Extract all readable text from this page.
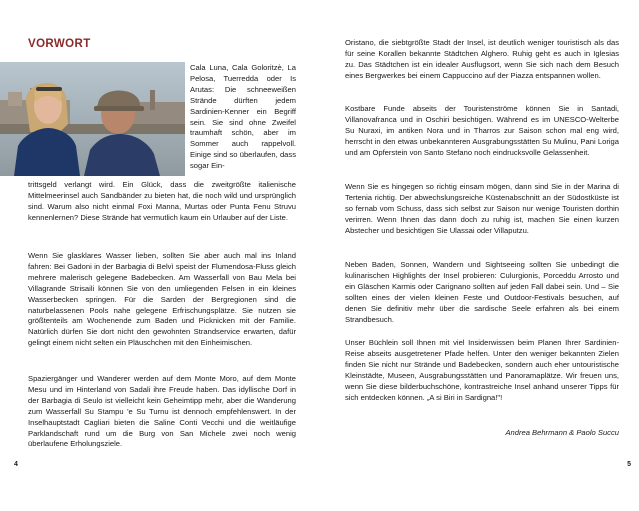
VORWORT

Cala Luna, Cala Goloritzè, La Pelosa, Tuerredda oder Is Arutas: Die schneeweißen Strände dürften jedem Sardinien-Kenner ein Begriff sein. Sie sind ohne Zweifel traumhaft schön, aber im Sommer auch rappelvoll. Einige sind so überlaufen, dass sogar Ein-

trittsgeld verlangt wird. Ein Glück, dass die zweitgrößte italienische Mittelmeerinsel auch Sandbänder zu bieten hat, die noch wild und ursprünglich sind. Warum also nicht einmal Foxi Manna, Murtas oder Punta Fenu Struvu kennenlernen? Diese Strände hat vermutlich kaum ein Urlauber auf der Liste.

Wenn Sie glasklares Wasser lieben, sollten Sie aber auch mal ins Inland fahren: Bei Gadoni in der Barbagia di Belvì speist der Flumendosa-Fluss gleich mehrere malerisch gelegene Badebecken. Am Wasserfall von Bau Mela bei Villagrande Strisaili können Sie von den umliegenden Felsen in ein kleines Wasserbecken springen. Für die Sarden der Bergregionen sind die naturbelassenen Pools nahe gelegene Erfrischungsplätze. Sie nutzen sie größtenteils am Wochenende zum Baden und Picknicken mit der Familie. Natürlich dürfen Sie dort nicht den gewohnten Strandservice erwarten, dafür gelingt einem nicht selten ein Pläuschchen mit den Einheimischen.

Spaziergänger und Wanderer werden auf dem Monte Moro, auf dem Monte Mesu und im Hinterland von Sadali ihre Freude haben. Das idyllische Dorf in der Barbagia di Seulo ist vielleicht kein Geheimtipp mehr, aber die Wanderung zum Wasserfall Su Stampu 'e Su Turnu ist dennoch empfehlenswert. In der Inselhauptstadt Cagliari bieten die Saline Conti Vecchi und die weitläufige Parklandschaft rund um die Burg von San Michele zwei noch wenig überlaufene Erholungsziele.

4

Oristano, die siebtgrößte Stadt der Insel, ist deutlich weniger touristisch als das für seine Korallen bekannte Städtchen Alghero. Ruhig geht es auch in Iglesias zu. Das Städtchen ist ein idealer Ausflugsort, wenn Sie sich nach dem Besuch eines Bergwerkes bei einem Cappuccino auf der Piazza entspannen wollen.

Kostbare Funde abseits der Touristenströme können Sie in Santadi, Villanovafranca und in Oschiri besichtigen. Während es im UNESCO-Welterbe Su Nuraxi, im antiken Nora und in Tharros zur Saison schon mal eng wird, herrscht in den etwas unbekannteren Ausgrabungsstätten Su Mulinu, Pani Loriga und am Opferstein von Santo Stefano noch eindrucksvolle Gelassenheit.

Wenn Sie es hingegen so richtig einsam mögen, dann sind Sie in der Marina di Tertenia richtig. Der abwechslungsreiche Küstenabschnitt an der Südostküste ist so fernab vom Schuss, dass sich selbst zur Saison nur wenige Touristen dorthin verirren. Wenn Ihnen das dann doch zu ruhig ist, machen Sie einen kurzen Abstecher und besichtigen Sie Ulassai oder Villaputzu.

Neben Baden, Sonnen, Wandern und Sightseeing sollten Sie unbedingt die kulinarischen Highlights der Insel probieren: Culurgionis, Porceddu Arrosto und ein Gläschen Karmis oder Carignano sollten auf jeden Fall dabei sein. Und – Sie sollten eines der vielen kleinen Feste und Outdoor-Festivals besuchen, auf denen Sie definitiv mehr über die sardische Seele erfahren als bei einem Strandbesuch.

Unser Büchlein soll Ihnen mit viel Insiderwissen beim Planen Ihrer Sardinien-Reise abseits ausgetretener Pfade helfen. Unter den weniger bekannten Zielen finden Sie nicht nur Strände und Badebecken, sondern auch eher untouristische Kleinstädte, Museen, Ausgrabungsstätten und Panoramaplätze. Wir freuen uns, wenn Sie diese bilderbuchschöne, kontrastreiche Insel anhand unserer Tipps für sich entdecken können. „A si Biri in Sardigna!"!

Andrea Behrmann & Paolo Succu
5
